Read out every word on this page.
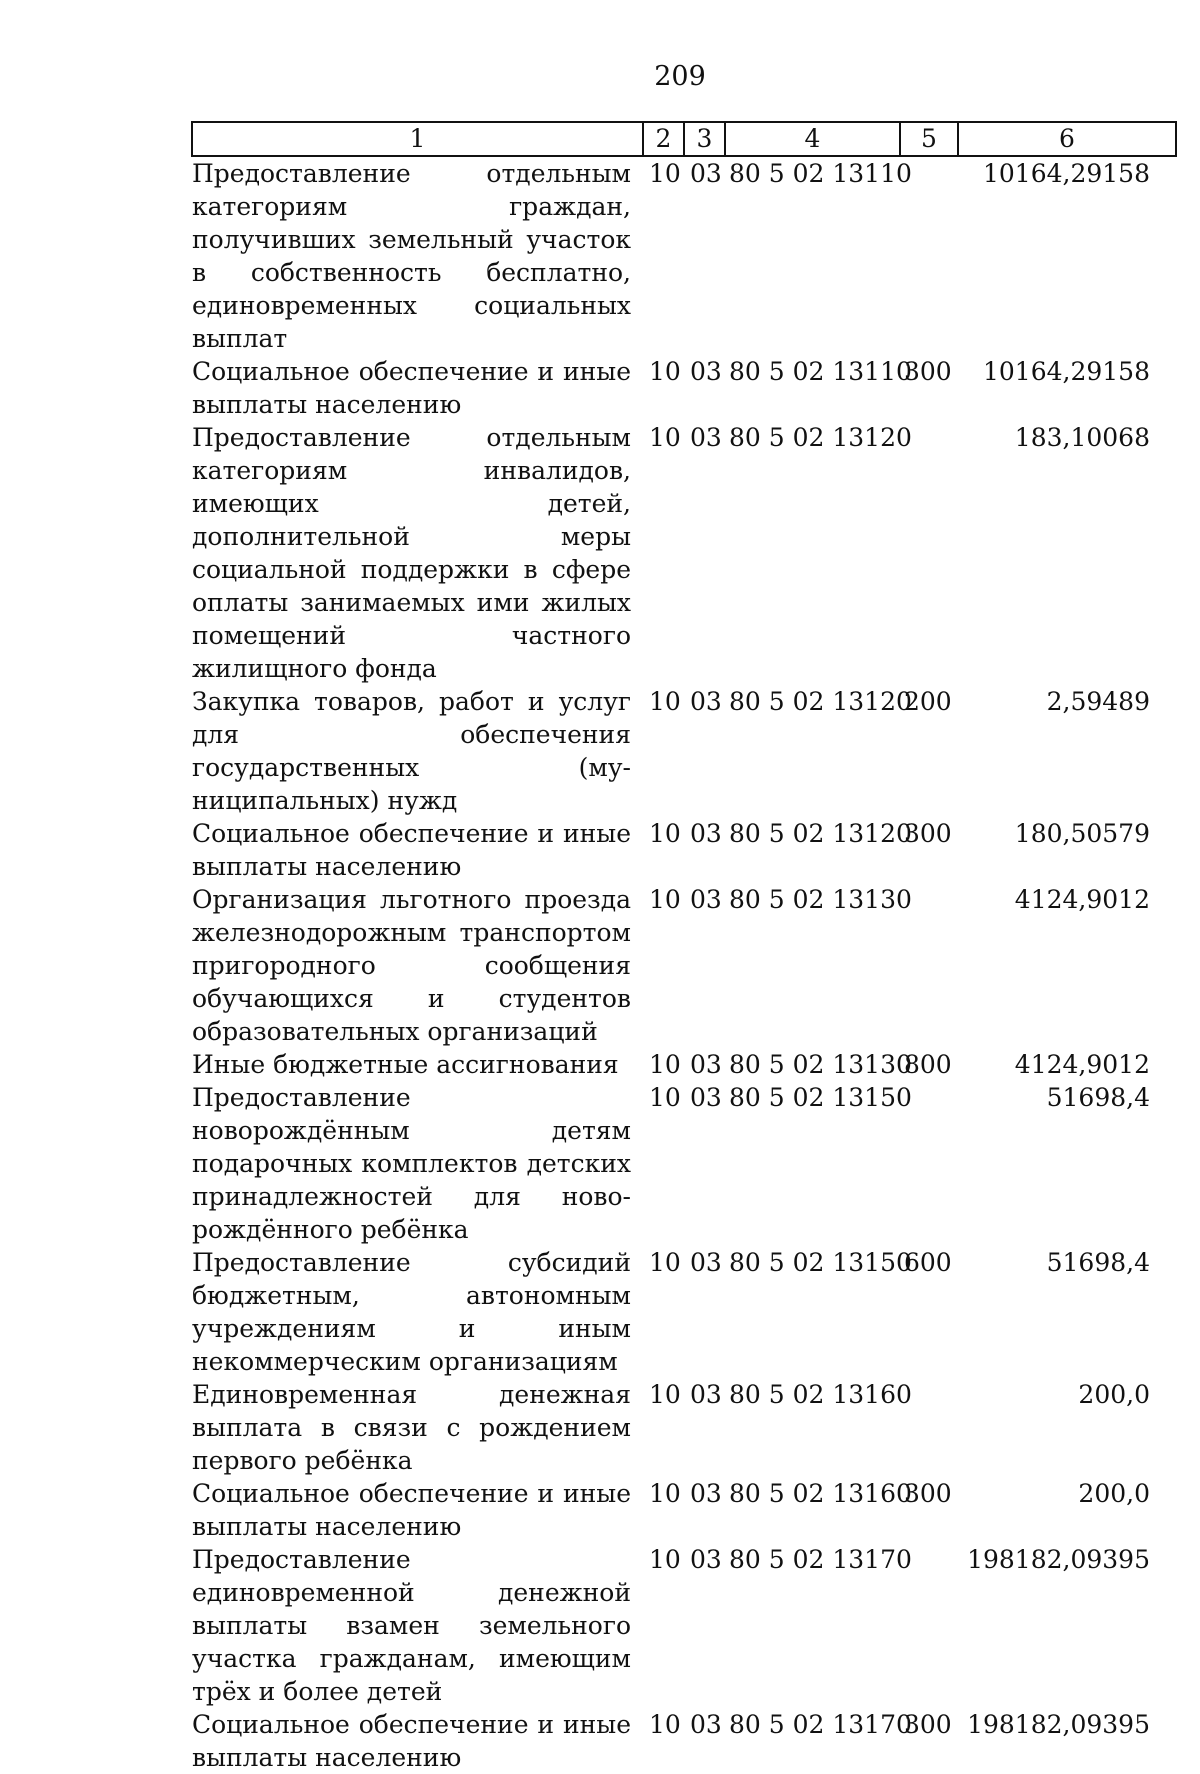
209
1	2	3	4	5	6
Предоставление отдельным категориям граждан, получивших земельный участок в собственность бесплатно, единовременных социальных выплат	10	03	80 5 02 13110		10164,29158
Социальное обеспечение и иные выплаты населению	10	03	80 5 02 13110	300	10164,29158
Предоставление отдельным категориям инвалидов, имеющих детей, дополнительной меры социальной поддержки в сфере оплаты занимаемых ими жилых помещений частного жилищного фонда	10	03	80 5 02 13120		183,10068
Закупка товаров, работ и услуг для обеспечения государственных (муниципальных) нужд	10	03	80 5 02 13120	200	2,59489
Социальное обеспечение и иные выплаты населению	10	03	80 5 02 13120	300	180,50579
Организация льготного проезда железнодорожным транспортом пригородного сообщения обучающихся и студентов образовательных организаций	10	03	80 5 02 13130		4124,9012
Иные бюджетные ассигнования	10	03	80 5 02 13130	800	4124,9012
Предоставление новорождённым детям подарочных комплектов детских принадлежностей для новорождённого ребёнка	10	03	80 5 02 13150		51698,4
Предоставление субсидий бюджетным, автономным учреждениям и иным некоммерческим организациям	10	03	80 5 02 13150	600	51698,4
Единовременная денежная выплата в связи с рождением первого ребёнка	10	03	80 5 02 13160		200,0
Социальное обеспечение и иные выплаты населению	10	03	80 5 02 13160	300	200,0
Предоставление единовременной денежной выплаты взамен земельного участка гражданам, имеющим трёх и более детей	10	03	80 5 02 13170		198182,09395
Социальное обеспечение и иные выплаты населению	10	03	80 5 02 13170	300	198182,09395
